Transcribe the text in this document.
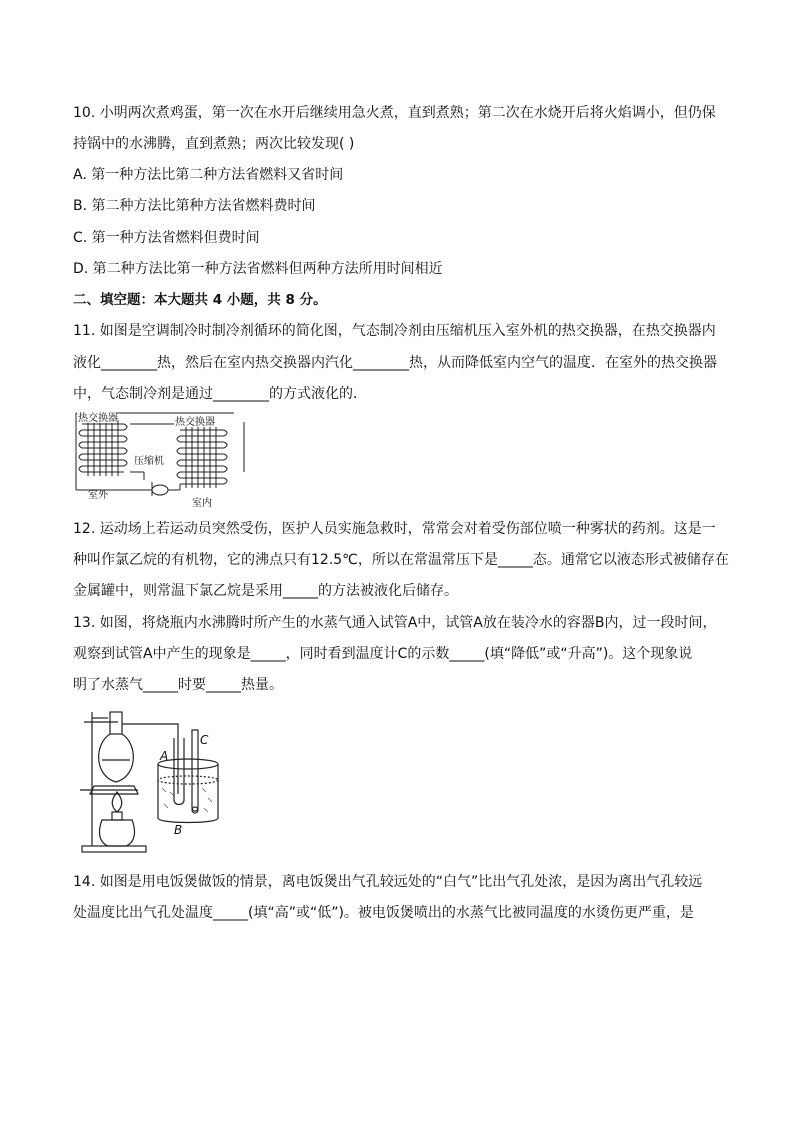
10. 小明两次煮鸡蛋，第一次在水开后继续用急火煮，直到煮熟；第二次在水烧开后将火焰调小，但仍保
持锅中的水沸腾，直到煮熟；两次比较发现( )
A. 第一种方法比第二种方法省燃料又省时间
B. 第二种方法比第种方法省燃料费时间
C. 第一种方法省燃料但费时间
D. 第二种方法比第一种方法省燃料但两种方法所用时间相近
二、填空题：本大题共 4 小题，共 8 分。
11. 如图是空调制冷时制冷剂循环的简化图，气态制冷剂由压缩机压入室外机的热交换器，在热交换器内
液化________热，然后在室内热交换器内汽化________热，从而降低室内空气的温度．在室外的热交换器
中，气态制冷剂是通过________的方式液化的．
热交换器	热交换器
压缩机
室外
室内
12. 运动场上若运动员突然受伤，医护人员实施急救时，常常会对着受伤部位喷一种雾状的药剂。这是一
种叫作氯乙烷的有机物，它的沸点只有12.5℃，所以在常温常压下是_____态。通常它以液态形式被储存在
金属罐中，则常温下氯乙烷是采用_____的方法被液化后储存。
13. 如图，将烧瓶内水沸腾时所产生的水蒸气通入试管A中，试管A放在装冷水的容器B内，过一段时间，
观察到试管A中产生的现象是_____，同时看到温度计C的示数_____(填“降低”或“升高”)。这个现象说
明了水蒸气_____时要_____热量。
A
B
C
14. 如图是用电饭煲做饭的情景，离电饭煲出气孔较远处的“白气”比出气孔处浓，是因为离出气孔较远
处温度比出气孔处温度_____(填“高”或“低”)。被电饭煲喷出的水蒸气比被同温度的水烫伤更严重，是
